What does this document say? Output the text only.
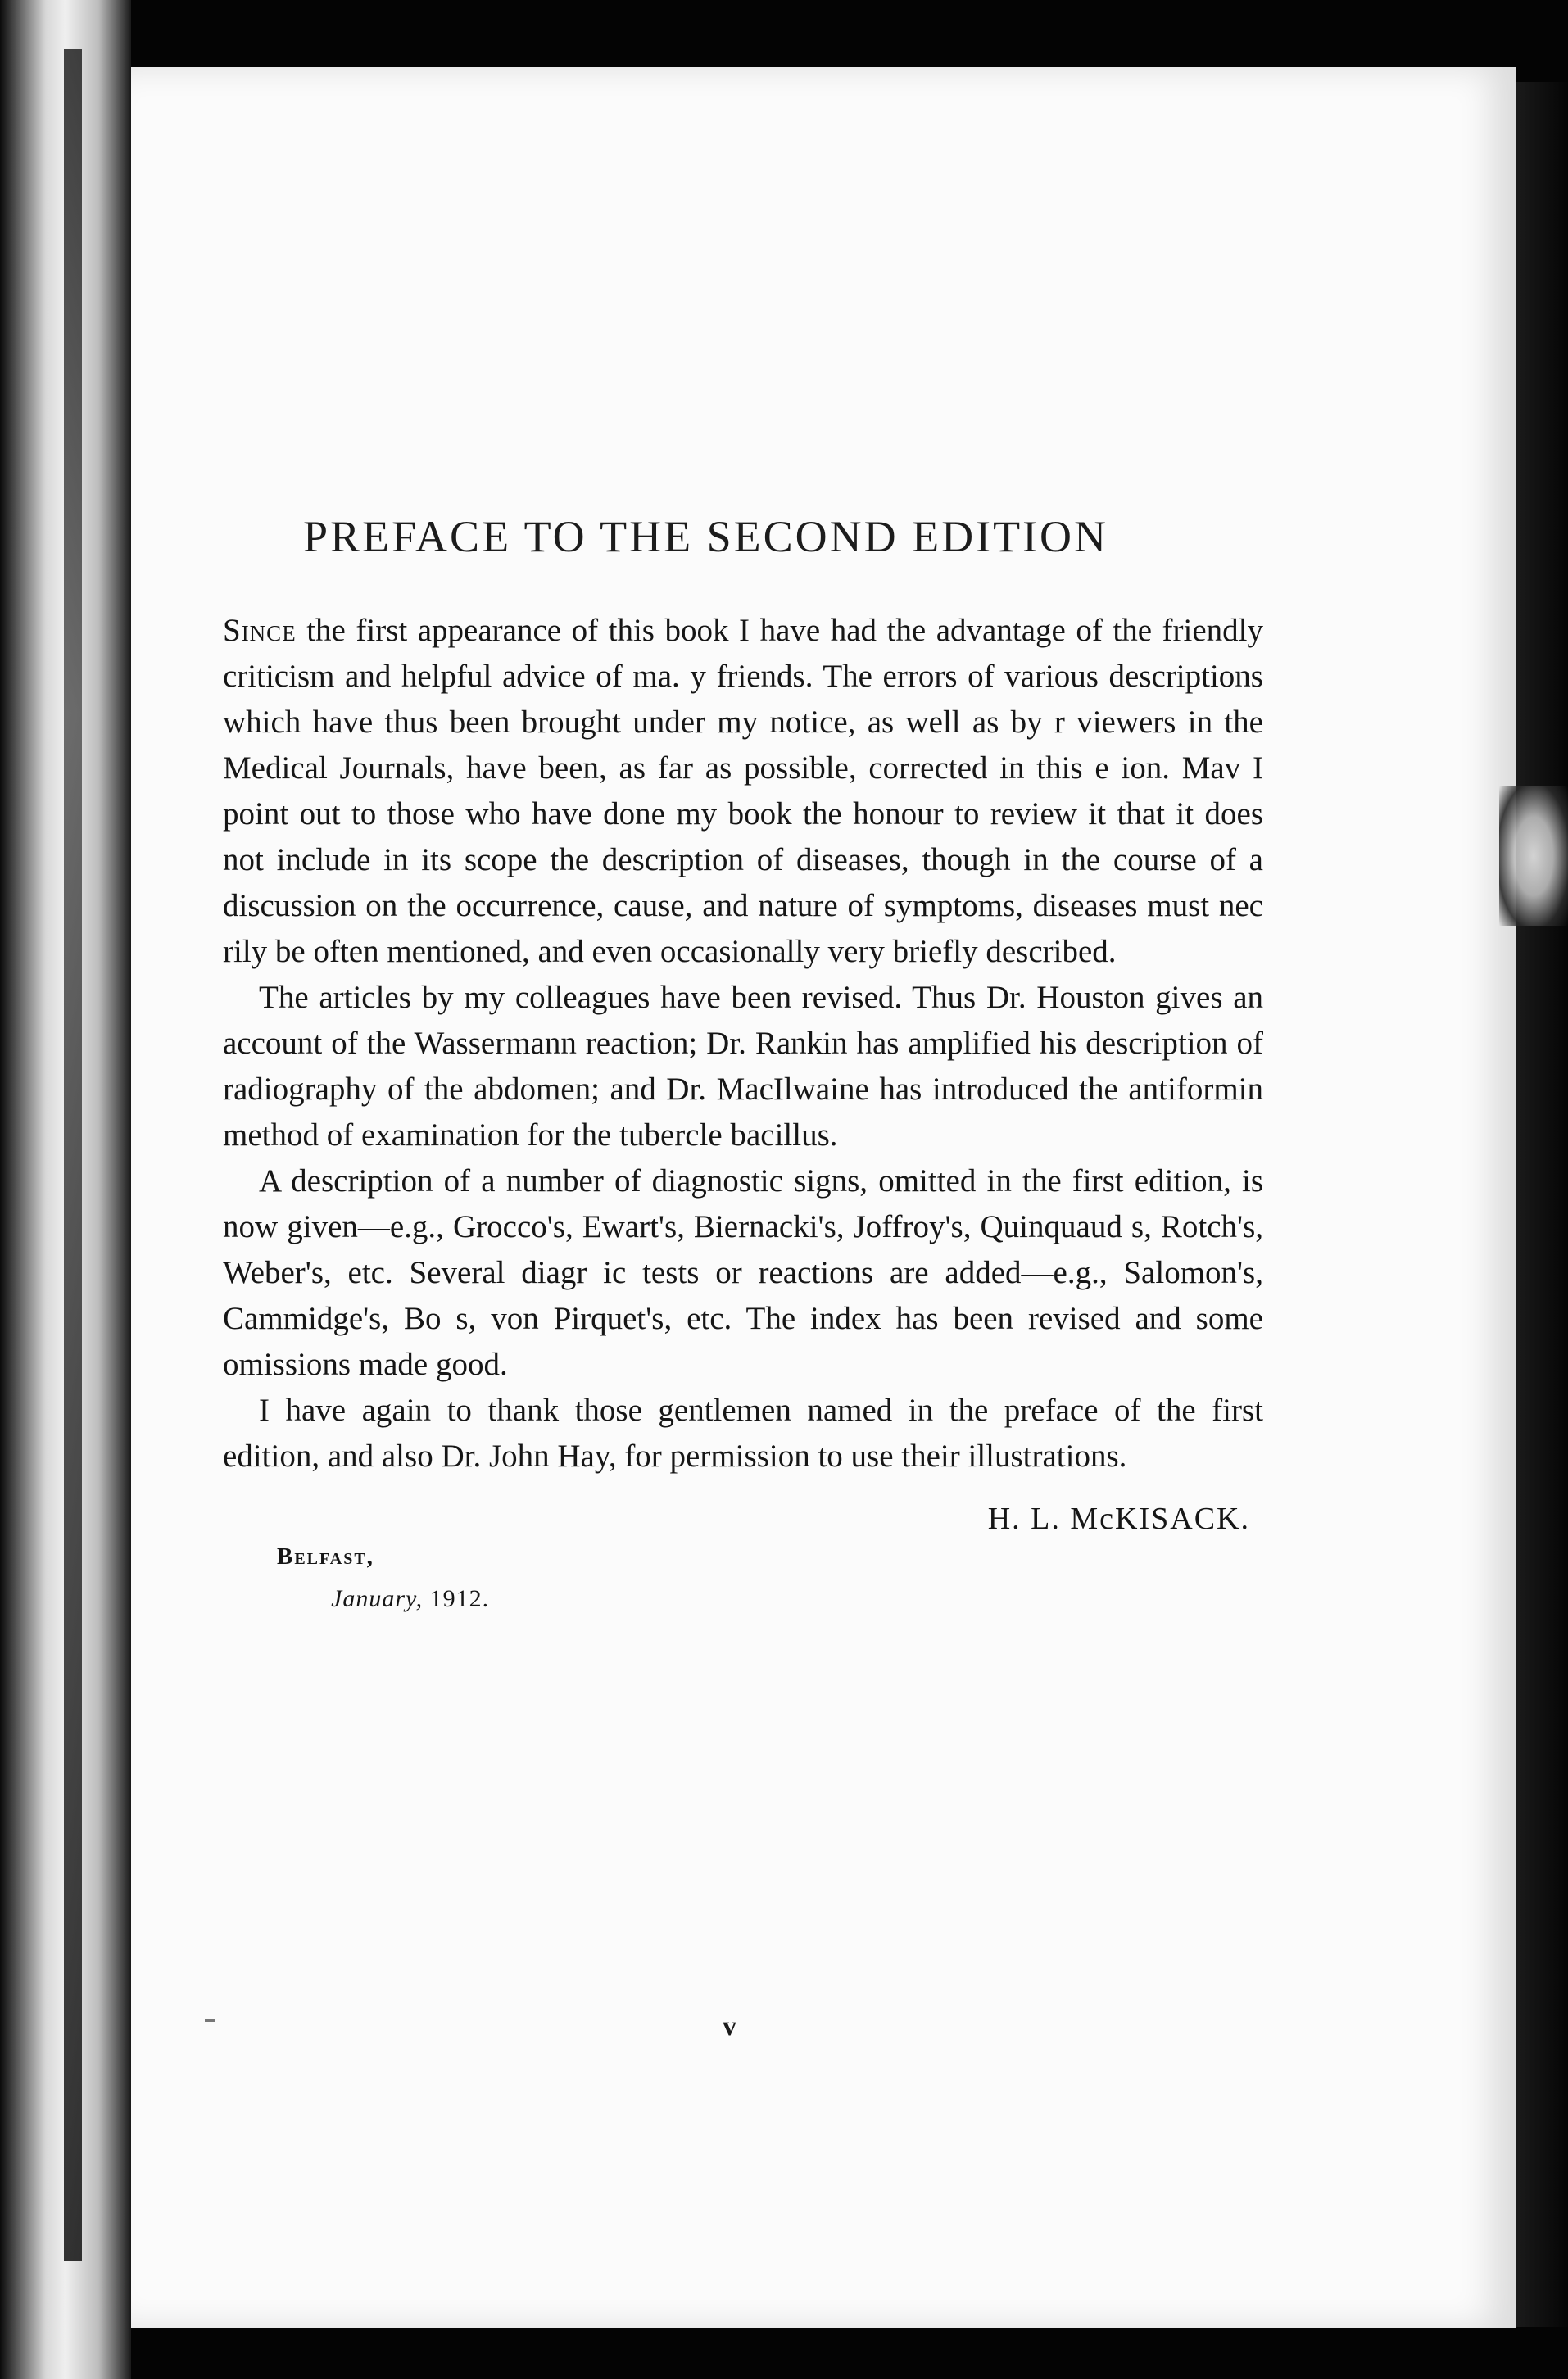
PREFACE TO THE SECOND EDITION

Since the first appearance of this book I have had the advantage of the friendly criticism and helpful advice of ma. y friends. The errors of various descriptions which have thus been brought under my notice, as well as by r viewers in the Medical Journals, have been, as far as possible, corrected in this e ion. Mav I point out to those who have done my book the honour to review it that it does not include in its scope the description of diseases, though in the course of a discussion on the occurrence, cause, and nature of symptoms, diseases must nec rily be often mentioned, and even occasionally very briefly described.

The articles by my colleagues have been revised. Thus Dr. Houston gives an account of the Wassermann reaction; Dr. Rankin has amplified his description of radiography of the abdomen; and Dr. MacIlwaine has introduced the antiformin method of examination for the tubercle bacillus.

A description of a number of diagnostic signs, omitted in the first edition, is now given—e.g., Grocco's, Ewart's, Biernacki's, Joffroy's, Quinquaud s, Rotch's, Weber's, etc. Several diagr ic tests or reactions are added—e.g., Salomon's, Cammidge's, Bo s, von Pirquet's, etc. The index has been revised and some omissions made good.

I have again to thank those gentlemen named in the preface of the first edition, and also Dr. John Hay, for permission to use their illustrations.

H. L. McKISACK.

Belfast,

January, 1912.

v
